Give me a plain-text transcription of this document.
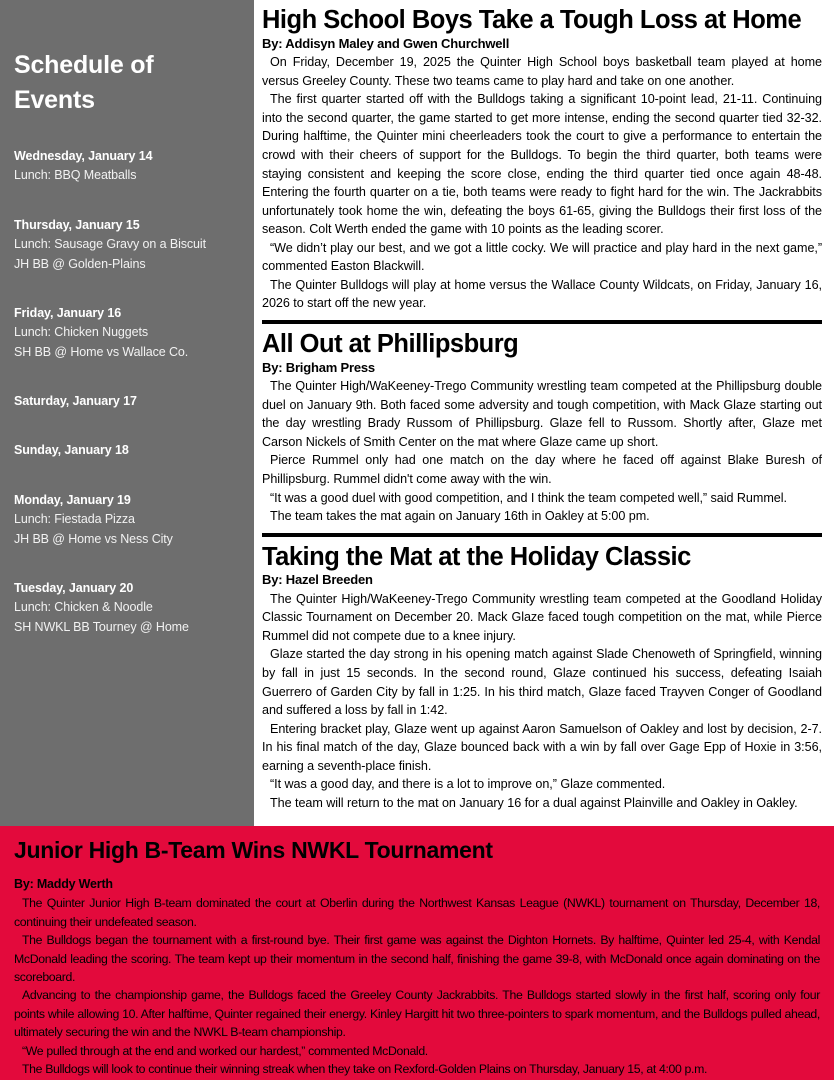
Schedule of Events
Wednesday, January 14
Lunch: BBQ Meatballs
Thursday, January 15
Lunch: Sausage Gravy on a Biscuit
JH BB @ Golden-Plains
Friday, January 16
Lunch: Chicken Nuggets
SH BB @ Home vs Wallace Co.
Saturday, January 17
Sunday, January 18
Monday, January 19
Lunch: Fiestada Pizza
JH BB @ Home vs Ness City
Tuesday, January 20
Lunch: Chicken & Noodle
SH NWKL BB Tourney @ Home
High School Boys Take a Tough Loss at Home
By: Addisyn Maley and Gwen Churchwell

On Friday, December 19, 2025 the Quinter High School boys basketball team played at home versus Greeley County. These two teams came to play hard and take on one another.

The first quarter started off with the Bulldogs taking a significant 10-point lead, 21-11. Continuing into the second quarter, the game started to get more intense, ending the second quarter tied 32-32. During halftime, the Quinter mini cheerleaders took the court to give a performance to entertain the crowd with their cheers of support for the Bulldogs. To begin the third quarter, both teams were staying consistent and keeping the score close, ending the third quarter tied once again 48-48. Entering the fourth quarter on a tie, both teams were ready to fight hard for the win. The Jackrabbits unfortunately took home the win, defeating the boys 61-65, giving the Bulldogs their first loss of the season. Colt Werth ended the game with 10 points as the leading scorer.

“We didn’t play our best, and we got a little cocky. We will practice and play hard in the next game,” commented Easton Blackwill.

The Quinter Bulldogs will play at home versus the Wallace County Wildcats, on Friday, January 16, 2026 to start off the new year.

All Out at Phillipsburg
By: Brigham Press

The Quinter High/WaKeeney-Trego Community wrestling team competed at the Phillipsburg double duel on January 9th. Both faced some adversity and tough competition, with Mack Glaze starting out the day wrestling Brady Russom of Phillipsburg. Glaze fell to Russom. Shortly after, Glaze met Carson Nickels of Smith Center on the mat where Glaze came up short.

Pierce Rummel only had one match on the day where he faced off against Blake Buresh of Phillipsburg. Rummel didn't come away with the win.

“It was a good duel with good competition, and I think the team competed well,” said Rummel.

The team takes the mat again on January 16th in Oakley at 5:00 pm.

Taking the Mat at the Holiday Classic
By: Hazel Breeden

The Quinter High/WaKeeney-Trego Community wrestling team competed at the Goodland Holiday Classic Tournament on December 20. Mack Glaze faced tough competition on the mat, while Pierce Rummel did not compete due to a knee injury.

Glaze started the day strong in his opening match against Slade Chenoweth of Springfield, winning by fall in just 15 seconds. In the second round, Glaze continued his success, defeating Isaiah Guerrero of Garden City by fall in 1:25. In his third match, Glaze faced Trayven Conger of Goodland and suffered a loss by fall in 1:42.

Entering bracket play, Glaze went up against Aaron Samuelson of Oakley and lost by decision, 2-7. In his final match of the day, Glaze bounced back with a win by fall over Gage Epp of Hoxie in 3:56, earning a seventh-place finish.

“It was a good day, and there is a lot to improve on,” Glaze commented.

The team will return to the mat on January 16 for a dual against Plainville and Oakley in Oakley.

Junior High B-Team Wins NWKL Tournament
By: Maddy Werth

The Quinter Junior High B-team dominated the court at Oberlin during the Northwest Kansas League (NWKL) tournament on Thursday, December 18, continuing their undefeated season.

The Bulldogs began the tournament with a first-round bye. Their first game was against the Dighton Hornets. By halftime, Quinter led 25-4, with Kendal McDonald leading the scoring. The team kept up their momentum in the second half, finishing the game 39-8, with McDonald once again dominating on the scoreboard.

Advancing to the championship game, the Bulldogs faced the Greeley County Jackrabbits. The Bulldogs started slowly in the first half, scoring only four points while allowing 10. After halftime, Quinter regained their energy. Kinley Hargitt hit two three-pointers to spark momentum, and the Bulldogs pulled ahead, ultimately securing the win and the NWKL B-team championship.

“We pulled through at the end and worked our hardest,” commented McDonald.

The Bulldogs will look to continue their winning streak when they take on Rexford-Golden Plains on Thursday, January 15, at 4:00 p.m.
